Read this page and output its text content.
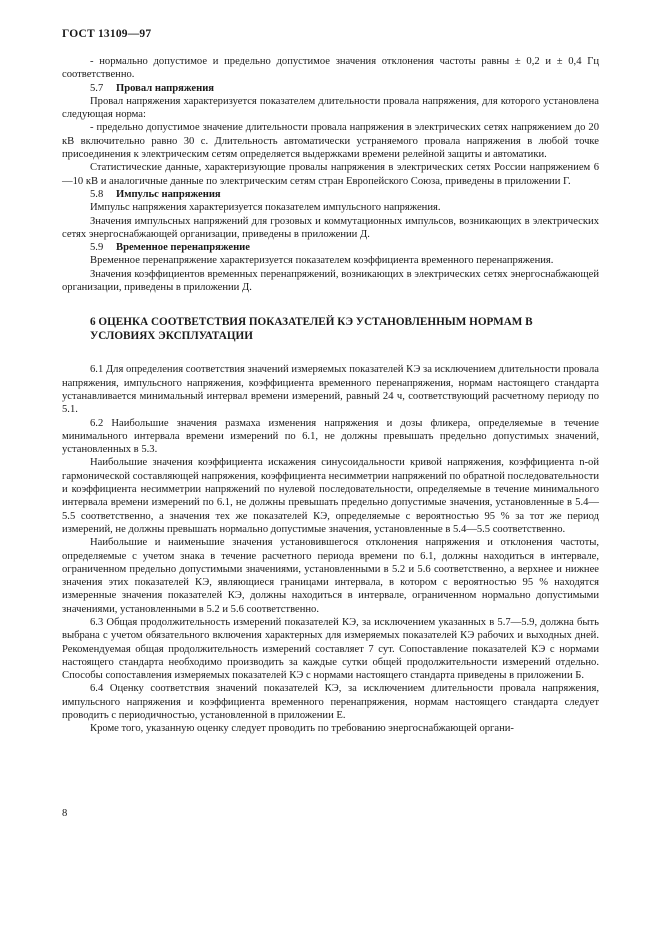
ГОСТ 13109—97

- нормально допустимое и предельно допустимое значения отклонения частоты равны ± 0,2 и ± 0,4 Гц соответственно.

5.7 Провал напряжения

Провал напряжения характеризуется показателем длительности провала напряжения, для которого установлена следующая норма:

- предельно допустимое значение длительности провала напряжения в электрических сетях напряжением до 20 кВ включительно равно 30 с. Длительность автоматически устраняемого провала напряжения в любой точке присоединения к электрическим сетям определяется выдержками времени релейной защиты и автоматики.

Статистические данные, характеризующие провалы напряжения в электрических сетях России напряжением 6—10 кВ и аналогичные данные по электрическим сетям стран Европейского Союза, приведены в приложении Г.

5.8 Импульс напряжения

Импульс напряжения характеризуется показателем импульсного напряжения.

Значения импульсных напряжений для грозовых и коммутационных импульсов, возникающих в электрических сетях энергоснабжающей организации, приведены в приложении Д.

5.9 Временное перенапряжение

Временное перенапряжение характеризуется показателем коэффициента временного перенапряжения.

Значения коэффициентов временных перенапряжений, возникающих в электрических сетях энергоснабжающей организации, приведены в приложении Д.

6 ОЦЕНКА СООТВЕТСТВИЯ ПОКАЗАТЕЛЕЙ КЭ УСТАНОВЛЕННЫМ НОРМАМ В УСЛОВИЯХ ЭКСПЛУАТАЦИИ

6.1 Для определения соответствия значений измеряемых показателей КЭ за исключением длительности провала напряжения, импульсного напряжения, коэффициента временного перенапряжения, нормам настоящего стандарта устанавливается минимальный интервал времени измерений, равный 24 ч, соответствующий расчетному периоду по 5.1.

6.2 Наибольшие значения размаха изменения напряжения и дозы фликера, определяемые в течение минимального интервала времени измерений по 6.1, не должны превышать предельно допустимых значений, установленных в 5.3.

Наибольшие значения коэффициента искажения синусоидальности кривой напряжения, коэффициента n-ой гармонической составляющей напряжения, коэффициента несимметрии напряжений по обратной последовательности и коэффициента несимметрии напряжений по нулевой последовательности, определяемые в течение минимального интервала времени измерений по 6.1, не должны превышать предельно допустимые значения, установленные в 5.4—5.5 соответственно, а значения тех же показателей КЭ, определяемые с вероятностью 95 % за тот же период измерений, не должны превышать нормально допустимые значения, установленные в 5.4—5.5 соответственно.

Наибольшие и наименьшие значения установившегося отклонения напряжения и отклонения частоты, определяемые с учетом знака в течение расчетного периода времени по 6.1, должны находиться в интервале, ограниченном предельно допустимыми значениями, установленными в 5.2 и 5.6 соответственно, а верхнее и нижнее значения этих показателей КЭ, являющиеся границами интервала, в котором с вероятностью 95 % находятся измеренные значения показателей КЭ, должны находиться в интервале, ограниченном нормально допустимыми значениями, установленными в 5.2 и 5.6 соответственно.

6.3 Общая продолжительность измерений показателей КЭ, за исключением указанных в 5.7—5.9, должна быть выбрана с учетом обязательного включения характерных для измеряемых показателей КЭ рабочих и выходных дней. Рекомендуемая общая продолжительность измерений составляет 7 сут. Сопоставление показателей КЭ с нормами настоящего стандарта необходимо производить за каждые сутки общей продолжительности измерений отдельно. Способы сопоставления измеряемых показателей КЭ с нормами настоящего стандарта приведены в приложении Б.

6.4 Оценку соответствия значений показателей КЭ, за исключением длительности провала напряжения, импульсного напряжения и коэффициента временного перенапряжения, нормам настоящего стандарта следует проводить с периодичностью, установленной в приложении Е.

Кроме того, указанную оценку следует проводить по требованию энергоснабжающей органи-

8
